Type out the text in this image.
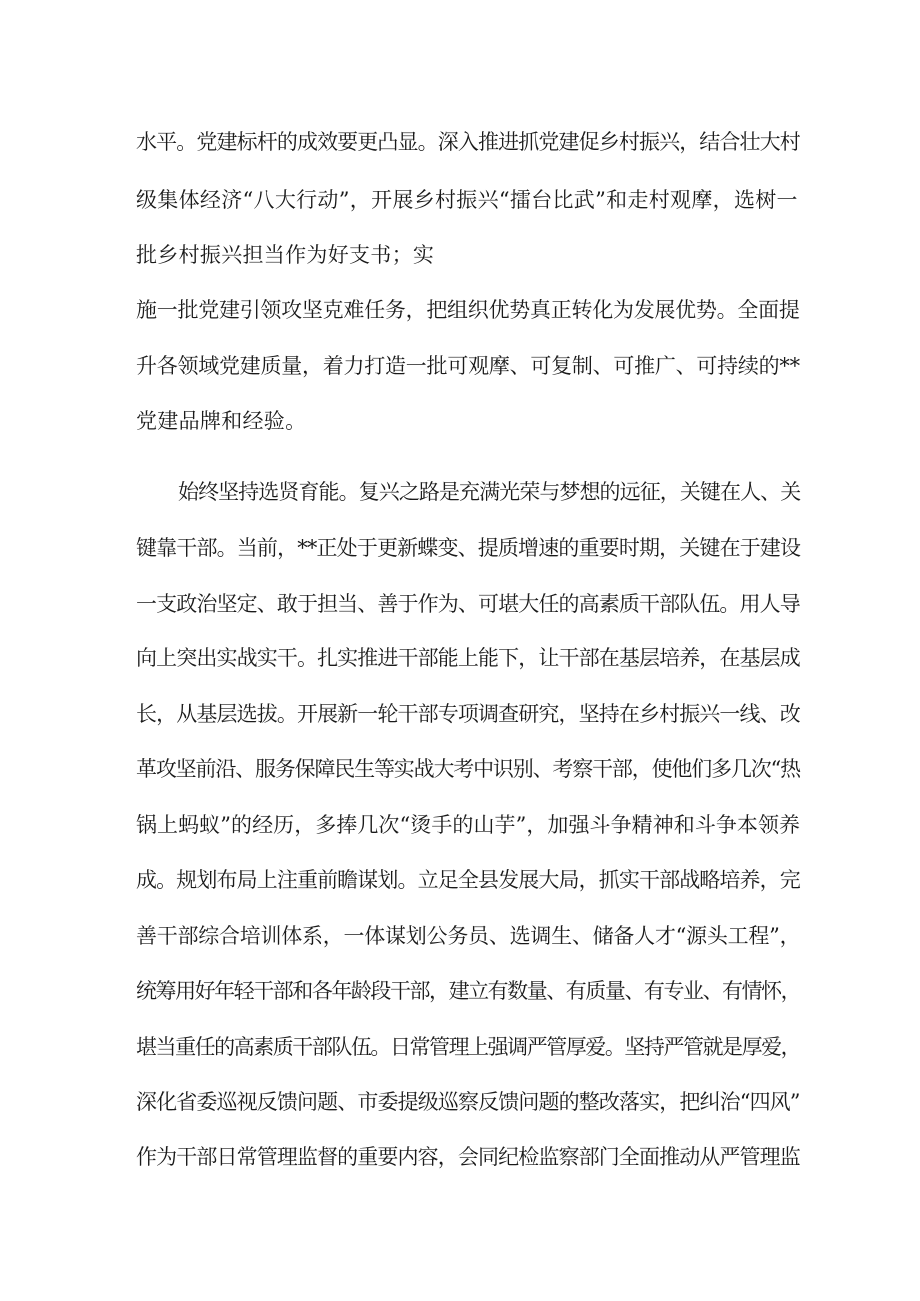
水平。党建标杆的成效要更凸显。深入推进抓党建促乡村振兴，结合壮大村
级集体经济“八大行动”，开展乡村振兴“擂台比武”和走村观摩，选树一
批乡村振兴担当作为好支书；实
施一批党建引领攻坚克难任务，把组织优势真正转化为发展优势。全面提
升各领域党建质量，着力打造一批可观摩、可复制、可推广、可持续的**
党建品牌和经验。
始终坚持选贤育能。复兴之路是充满光荣与梦想的远征，关键在人、关
键靠干部。当前，**正处于更新蝶变、提质增速的重要时期，关键在于建设
一支政治坚定、敢于担当、善于作为、可堪大任的高素质干部队伍。用人导
向上突出实战实干。扎实推进干部能上能下，让干部在基层培养，在基层成
长，从基层选拔。开展新一轮干部专项调查研究，坚持在乡村振兴一线、改
革攻坚前沿、服务保障民生等实战大考中识别、考察干部，使他们多几次“热
锅上蚂蚁”的经历，多捧几次“烫手的山芋”，加强斗争精神和斗争本领养
成。规划布局上注重前瞻谋划。立足全县发展大局，抓实干部战略培养，完
善干部综合培训体系，一体谋划公务员、选调生、储备人才“源头工程”，
统筹用好年轻干部和各年龄段干部，建立有数量、有质量、有专业、有情怀，
堪当重任的高素质干部队伍。日常管理上强调严管厚爱。坚持严管就是厚爱，
深化省委巡视反馈问题、市委提级巡察反馈问题的整改落实，把纠治“四风”
作为干部日常管理监督的重要内容，会同纪检监察部门全面推动从严管理监
